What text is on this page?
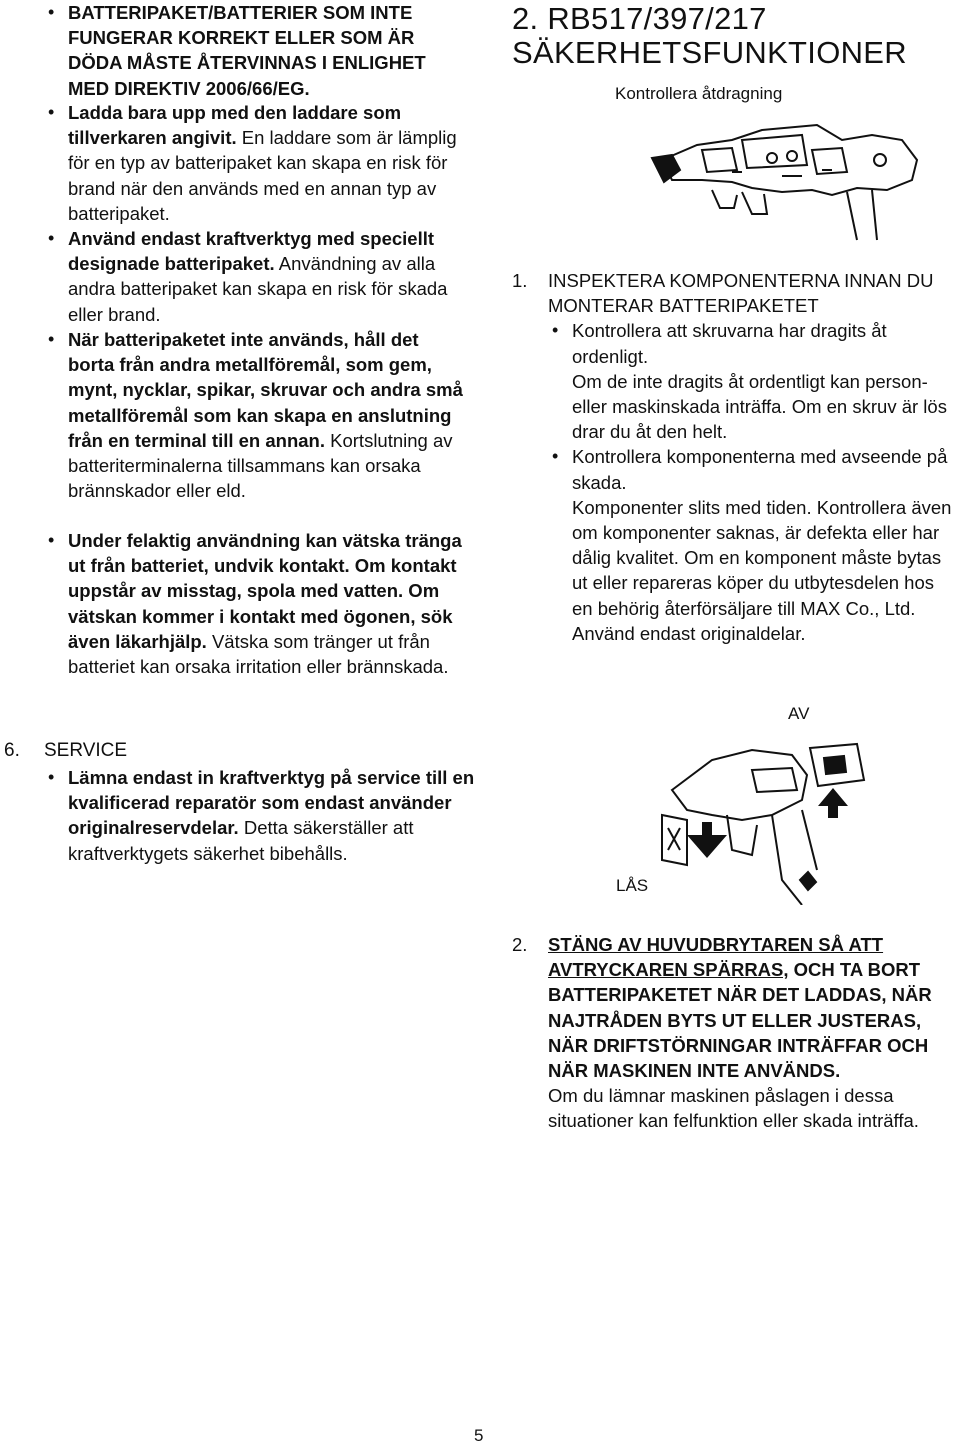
• BATTERIPAKET/BATTERIER SOM INTE FUNGERAR KORREKT ELLER SOM ÄR DÖDA MÅSTE ÅTERVINNAS I ENLIGHET MED DIREKTIV 2006/66/EG.
• Ladda bara upp med den laddare som tillverkaren angivit. En laddare som är lämplig för en typ av batteripaket kan skapa en risk för brand när den används med en annan typ av batteripaket.
• Använd endast kraftverktyg med speciellt designade batteripaket. Användning av alla andra batteripaket kan skapa en risk för skada eller brand.
• När batteripaketet inte används, håll det borta från andra metallföremål, som gem, mynt, nycklar, spikar, skruvar och andra små metallföremål som kan skapa en anslutning från en terminal till en annan. Kortslutning av batteriterminalerna tillsammans kan orsaka brännskador eller eld.
• Under felaktig användning kan vätska tränga ut från batteriet, undvik kontakt. Om kontakt uppstår av misstag, spola med vatten. Om vätskan kommer i kontakt med ögonen, sök även läkarhjälp. Vätska som tränger ut från batteriet kan orsaka irritation eller brännskada.
6. SERVICE
• Lämna endast in kraftverktyg på service till en kvalificerad reparatör som endast använder originalreservdelar. Detta säkerställer att kraftverktygets säkerhet bibehålls.
2. RB517/397/217
SÄKERHETSFUNKTIONER
Kontrollera åtdragning
1. INSPEKTERA KOMPONENTERNA INNAN DU MONTERAR BATTERIPAKETET
• Kontrollera att skruvarna har dragits åt ordenligt.
Om de inte dragits åt ordentligt kan person- eller maskinskada inträffa. Om en skruv är lös drar du åt den helt.
• Kontrollera komponenterna med avseende på skada.
Komponenter slits med tiden. Kontrollera även om komponenter saknas, är defekta eller har dålig kvalitet. Om en komponent måste bytas ut eller repareras köper du utbytesdelen hos en behörig återförsäljare till MAX Co., Ltd.
Använd endast originaldelar.
AV
LÅS
2. STÄNG AV HUVUDBRYTAREN SÅ ATT AVTRYCKAREN SPÄRRAS, OCH TA BORT BATTERIPAKETET NÄR DET LADDAS, NÄR NAJTRÅDEN BYTS UT ELLER JUSTERAS, NÄR DRIFTSTÖRNINGAR INTRÄFFAR OCH NÄR MASKINEN INTE ANVÄNDS.
Om du lämnar maskinen påslagen i dessa situationer kan felfunktion eller skada inträffa.
5
